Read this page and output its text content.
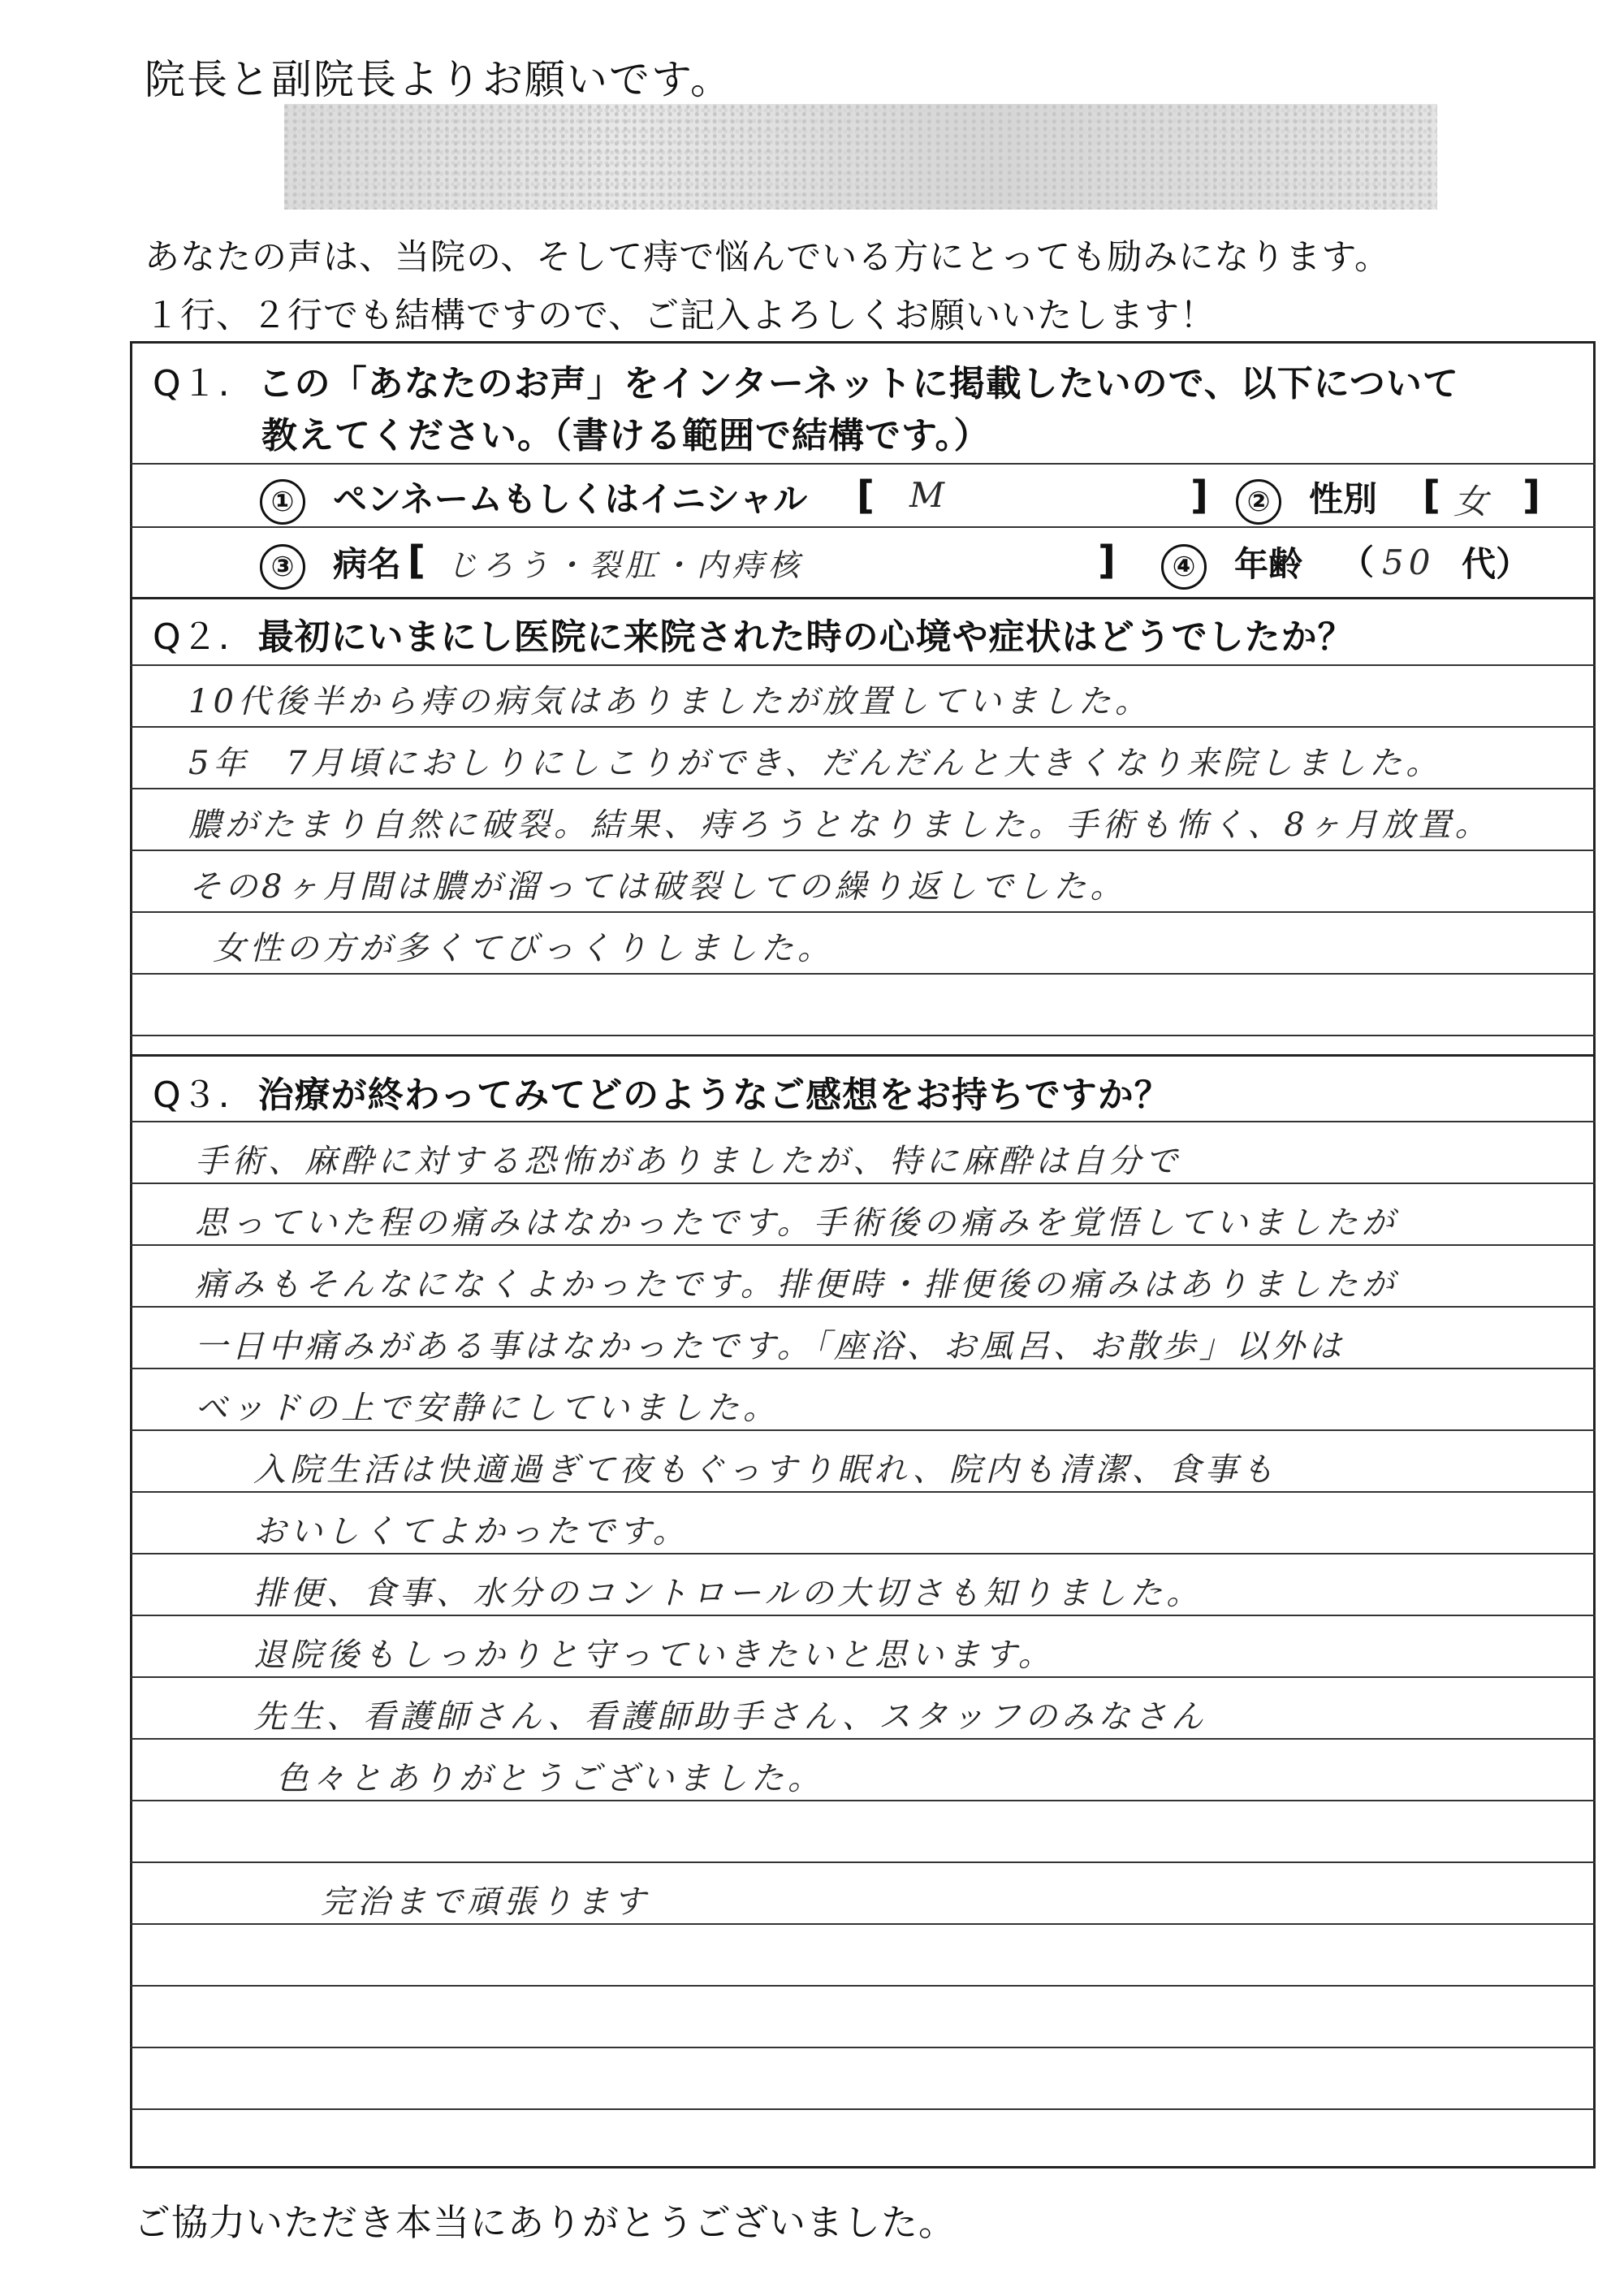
院長と副院長よりお願いです。
あなたの声は、当院の、そして痔で悩んでいる方にとっても励みになります。
１行、２行でも結構ですので、ご記入よろしくお願いいたします！
Q１. この「あなたのお声」をインターネットに掲載したいので、以下について
教えてください。（書ける範囲で結構です。）
① ペンネームもしくはイニシャル [ M	]	② 性別 [ 女 ]
③ 病名 [ じろう・裂肛・内痔核	]	④ 年齢 （ 50 代）
Q２. 最初にいまにし医院に来院された時の心境や症状はどうでしたか？
10代後半から痔の病気はありましたが放置していました。
5年　7月頃におしりにしこりができ、だんだんと大きくなり来院しました。
膿がたまり自然に破裂。結果、痔ろうとなりました。手術も怖く、8ヶ月放置。
その8ヶ月間は膿が溜っては破裂しての繰り返しでした。
女性の方が多くてびっくりしました。
Q３. 治療が終わってみてどのようなご感想をお持ちですか？
手術、麻酔に対する恐怖がありましたが、特に麻酔は自分で
思っていた程の痛みはなかったです。手術後の痛みを覚悟していましたが
痛みもそんなになくよかったです。排便時・排便後の痛みはありましたが
一日中痛みがある事はなかったです。「座浴、お風呂、お散歩」以外は
ベッドの上で安静にしていました。
入院生活は快適過ぎて夜もぐっすり眠れ、院内も清潔、食事も
おいしくてよかったです。
排便、食事、水分のコントロールの大切さも知りました。
退院後もしっかりと守っていきたいと思います。
先生、看護師さん、看護師助手さん、スタッフのみなさん
色々とありがとうございました。
完治まで頑張ります
ご協力いただき本当にありがとうございました。
